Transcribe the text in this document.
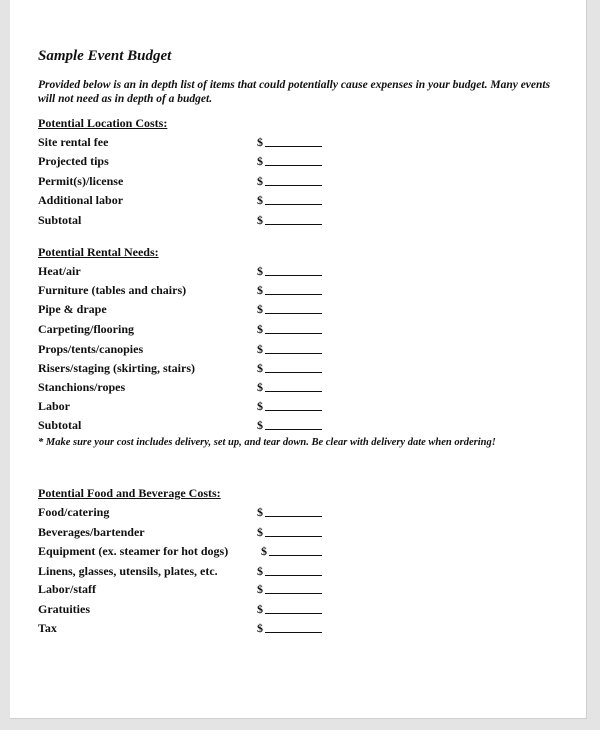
Sample Event Budget
Provided below is an in depth list of items that could potentially cause expenses in your budget. Many events will not need as in depth of a budget.
Potential Location Costs:
Site rental fee	$
Projected tips	$
Permit(s)/license	$
Additional labor	$
Subtotal	$
Potential Rental Needs:
Heat/air	$
Furniture (tables and chairs)	$
Pipe & drape	$
Carpeting/flooring	$
Props/tents/canopies	$
Risers/staging (skirting, stairs)	$
Stanchions/ropes	$
Labor	$
Subtotal	$
* Make sure your cost includes delivery, set up, and tear down. Be clear with delivery date when ordering!
Potential Food and Beverage Costs:
Food/catering	$
Beverages/bartender	$
Equipment (ex. steamer for hot dogs)	$
Linens, glasses, utensils, plates, etc.	$
Labor/staff	$
Gratuities	$
Tax	$
